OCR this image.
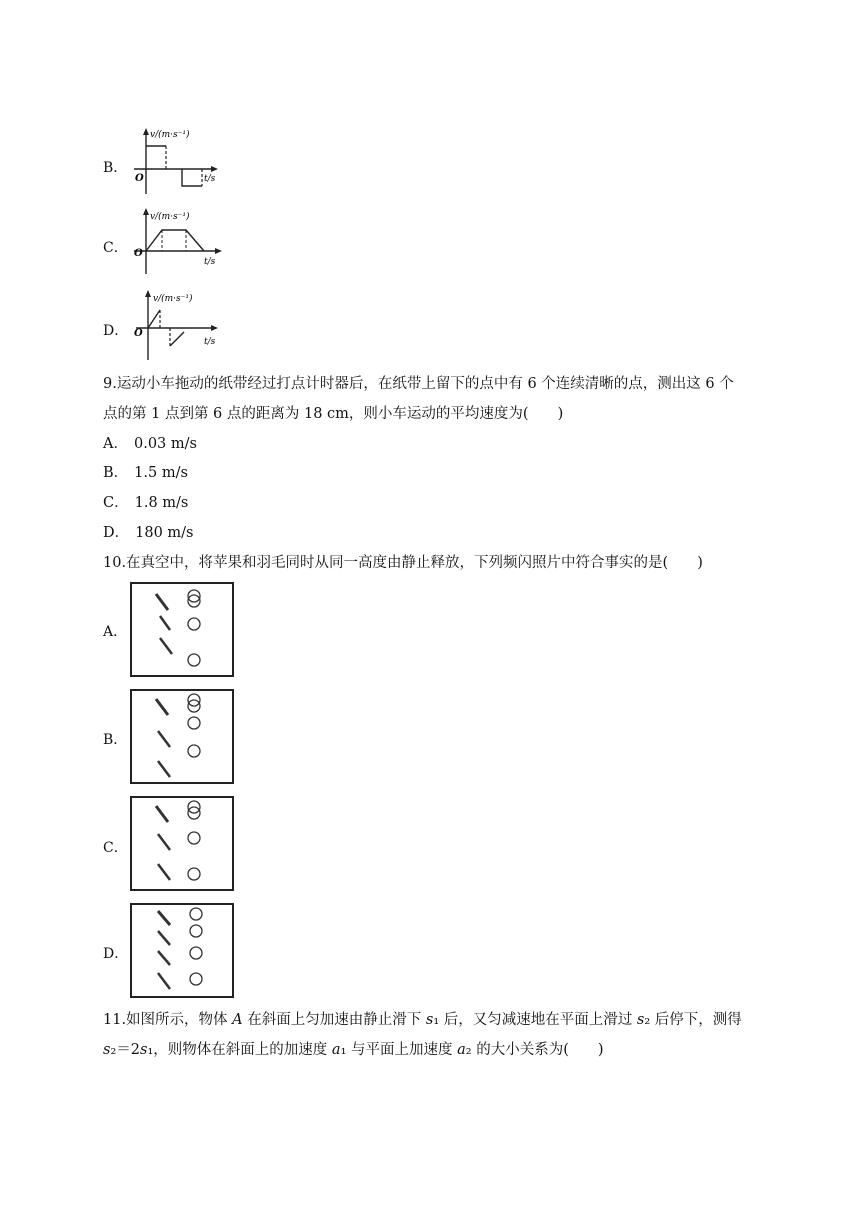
B．
v/(m·s⁻¹)
O	t/s
C．
v/(m·s⁻¹)
O
t/s
D．
v/(m·s⁻¹)
O
t/s
9.运动小车拖动的纸带经过打点计时器后，在纸带上留下的点中有 6 个连续清晰的点，测出这 6 个
点的第 1 点到第 6 点的距离为 18 cm，则小车运动的平均速度为(　　)
A． 0.03 m/s
B． 1.5 m/s
C． 1.8 m/s
D． 180 m/s
10.在真空中，将苹果和羽毛同时从同一高度由静止释放，下列频闪照片中符合事实的是(　　)
A．
B．
C．
D．
11.如图所示，物体 A 在斜面上匀加速由静止滑下 s₁ 后，又匀减速地在平面上滑过 s₂ 后停下，测得
s₂＝2s₁，则物体在斜面上的加速度 a₁ 与平面上加速度 a₂ 的大小关系为(　　)
